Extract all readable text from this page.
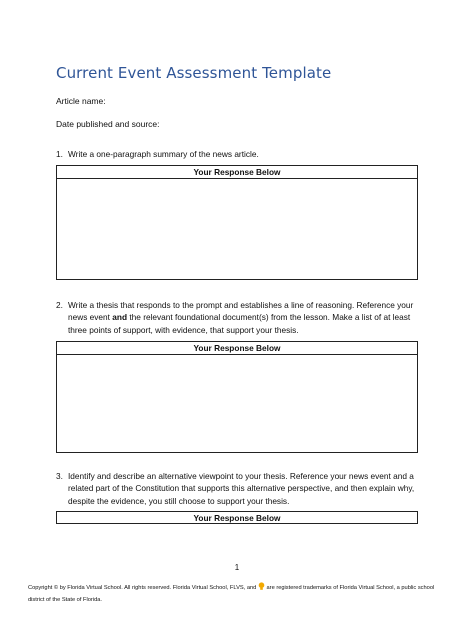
Current Event Assessment Template
Article name:
Date published and source:
1. Write a one-paragraph summary of the news article.
Your Response Below
2. Write a thesis that responds to the prompt and establishes a line of reasoning. Reference your news event and the relevant foundational document(s) from the lesson. Make a list of at least three points of support, with evidence, that support your thesis.
Your Response Below
3. Identify and describe an alternative viewpoint to your thesis. Reference your news event and a related part of the Constitution that supports this alternative perspective, and then explain why, despite the evidence, you still choose to support your thesis.
Your Response Below
1
Copyright © by Florida Virtual School. All rights reserved. Florida Virtual School, FLVS, and are registered trademarks of Florida Virtual School, a public school district of the State of Florida.
